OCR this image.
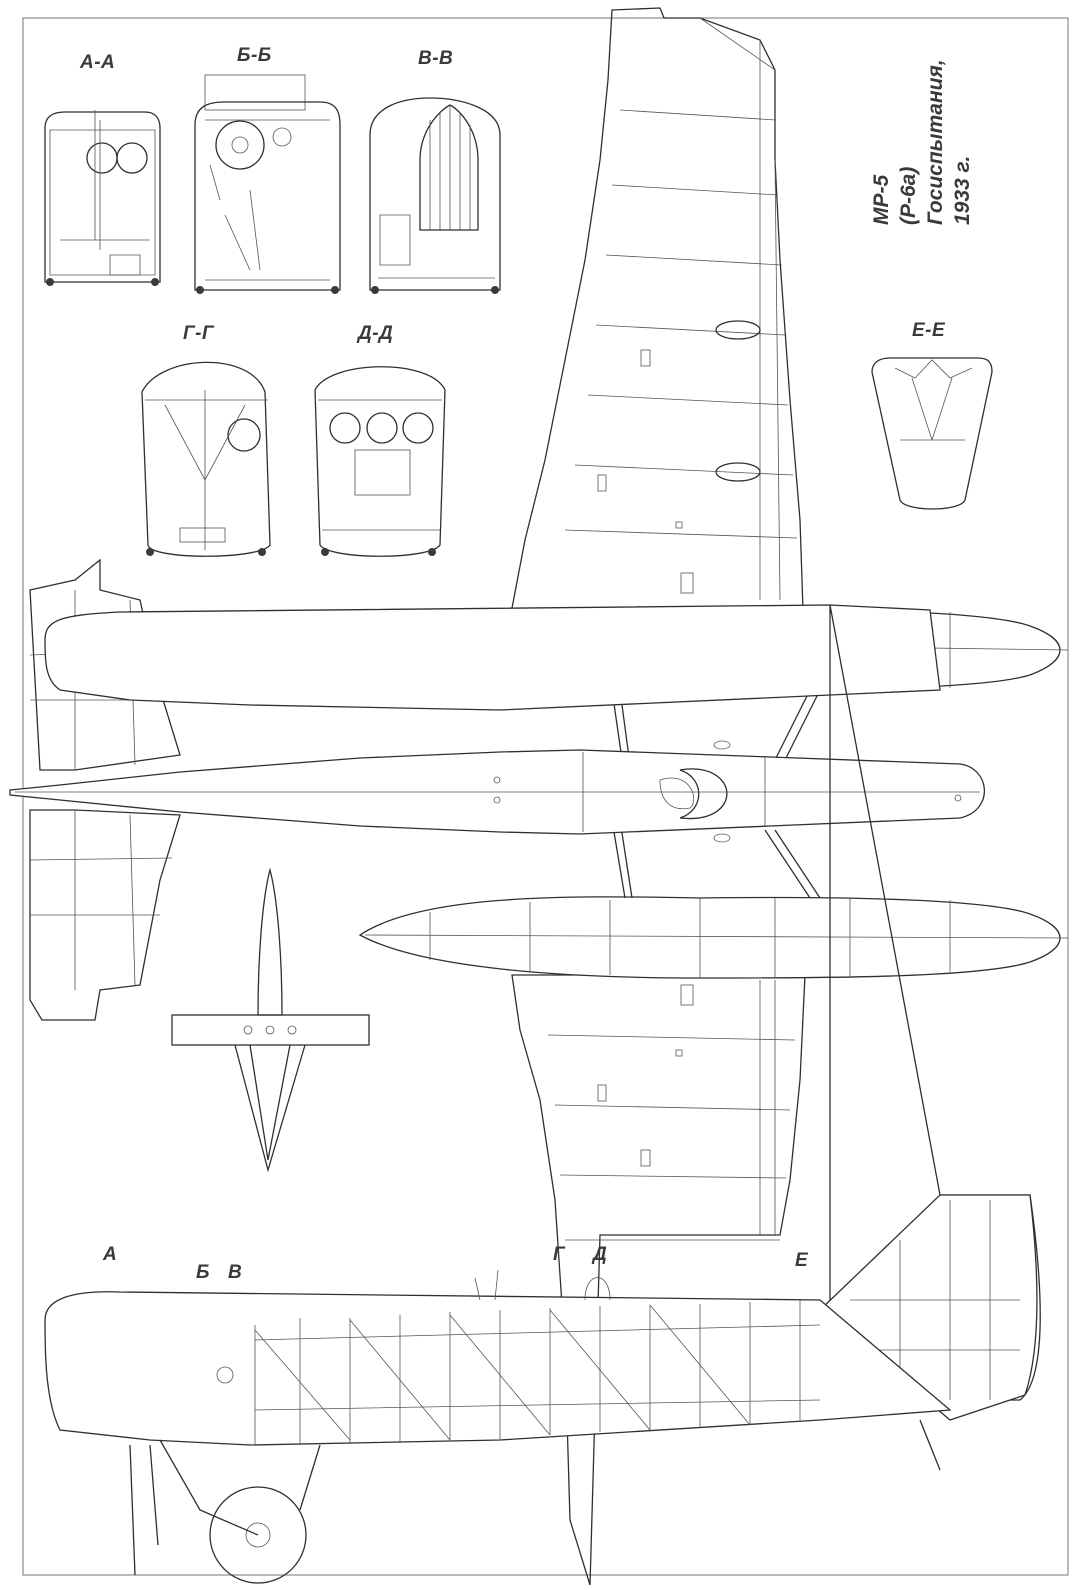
А-А	Б-Б	В-В
Г-Г	Д-Д	Е-Е
А
Б В
Г Д	Е
МР-5 (Р-6а) Госиспытания, 1933 г.
